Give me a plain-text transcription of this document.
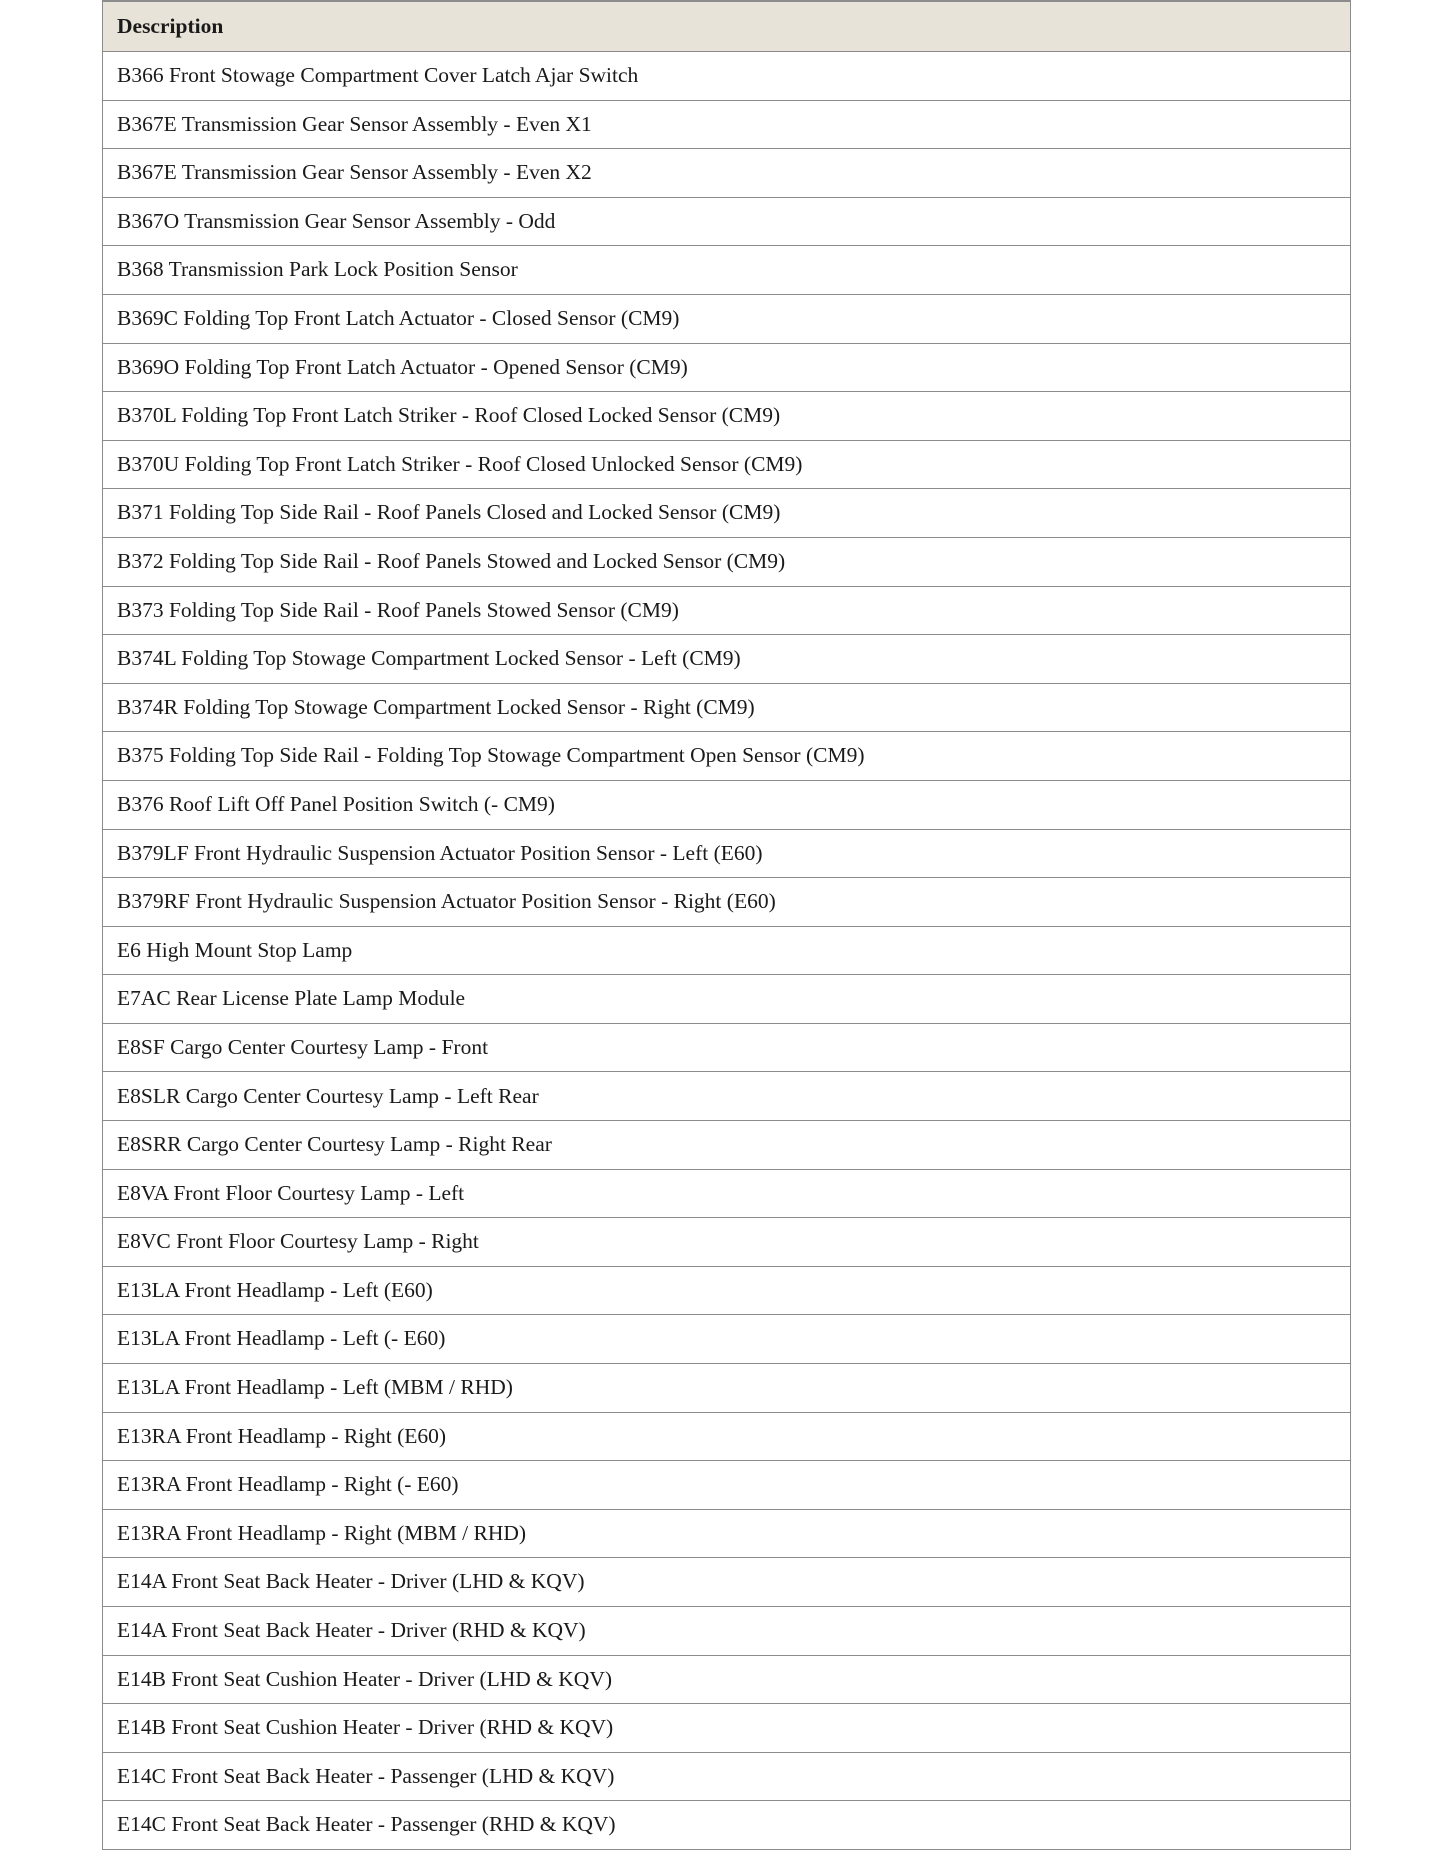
Description
B366 Front Stowage Compartment Cover Latch Ajar Switch
B367E Transmission Gear Sensor Assembly - Even X1
B367E Transmission Gear Sensor Assembly - Even X2
B367O Transmission Gear Sensor Assembly - Odd
B368 Transmission Park Lock Position Sensor
B369C Folding Top Front Latch Actuator - Closed Sensor (CM9)
B369O Folding Top Front Latch Actuator - Opened Sensor (CM9)
B370L Folding Top Front Latch Striker - Roof Closed Locked Sensor (CM9)
B370U Folding Top Front Latch Striker - Roof Closed Unlocked Sensor (CM9)
B371 Folding Top Side Rail - Roof Panels Closed and Locked Sensor (CM9)
B372 Folding Top Side Rail - Roof Panels Stowed and Locked Sensor (CM9)
B373 Folding Top Side Rail - Roof Panels Stowed Sensor (CM9)
B374L Folding Top Stowage Compartment Locked Sensor - Left (CM9)
B374R Folding Top Stowage Compartment Locked Sensor - Right (CM9)
B375 Folding Top Side Rail - Folding Top Stowage Compartment Open Sensor (CM9)
B376 Roof Lift Off Panel Position Switch (- CM9)
B379LF Front Hydraulic Suspension Actuator Position Sensor - Left (E60)
B379RF Front Hydraulic Suspension Actuator Position Sensor - Right (E60)
E6 High Mount Stop Lamp
E7AC Rear License Plate Lamp Module
E8SF Cargo Center Courtesy Lamp - Front
E8SLR Cargo Center Courtesy Lamp - Left Rear
E8SRR Cargo Center Courtesy Lamp - Right Rear
E8VA Front Floor Courtesy Lamp - Left
E8VC Front Floor Courtesy Lamp - Right
E13LA Front Headlamp - Left (E60)
E13LA Front Headlamp - Left (- E60)
E13LA Front Headlamp - Left (MBM / RHD)
E13RA Front Headlamp - Right (E60)
E13RA Front Headlamp - Right (- E60)
E13RA Front Headlamp - Right (MBM / RHD)
E14A Front Seat Back Heater - Driver (LHD & KQV)
E14A Front Seat Back Heater - Driver (RHD & KQV)
E14B Front Seat Cushion Heater - Driver (LHD & KQV)
E14B Front Seat Cushion Heater - Driver (RHD & KQV)
E14C Front Seat Back Heater - Passenger (LHD & KQV)
E14C Front Seat Back Heater - Passenger (RHD & KQV)
